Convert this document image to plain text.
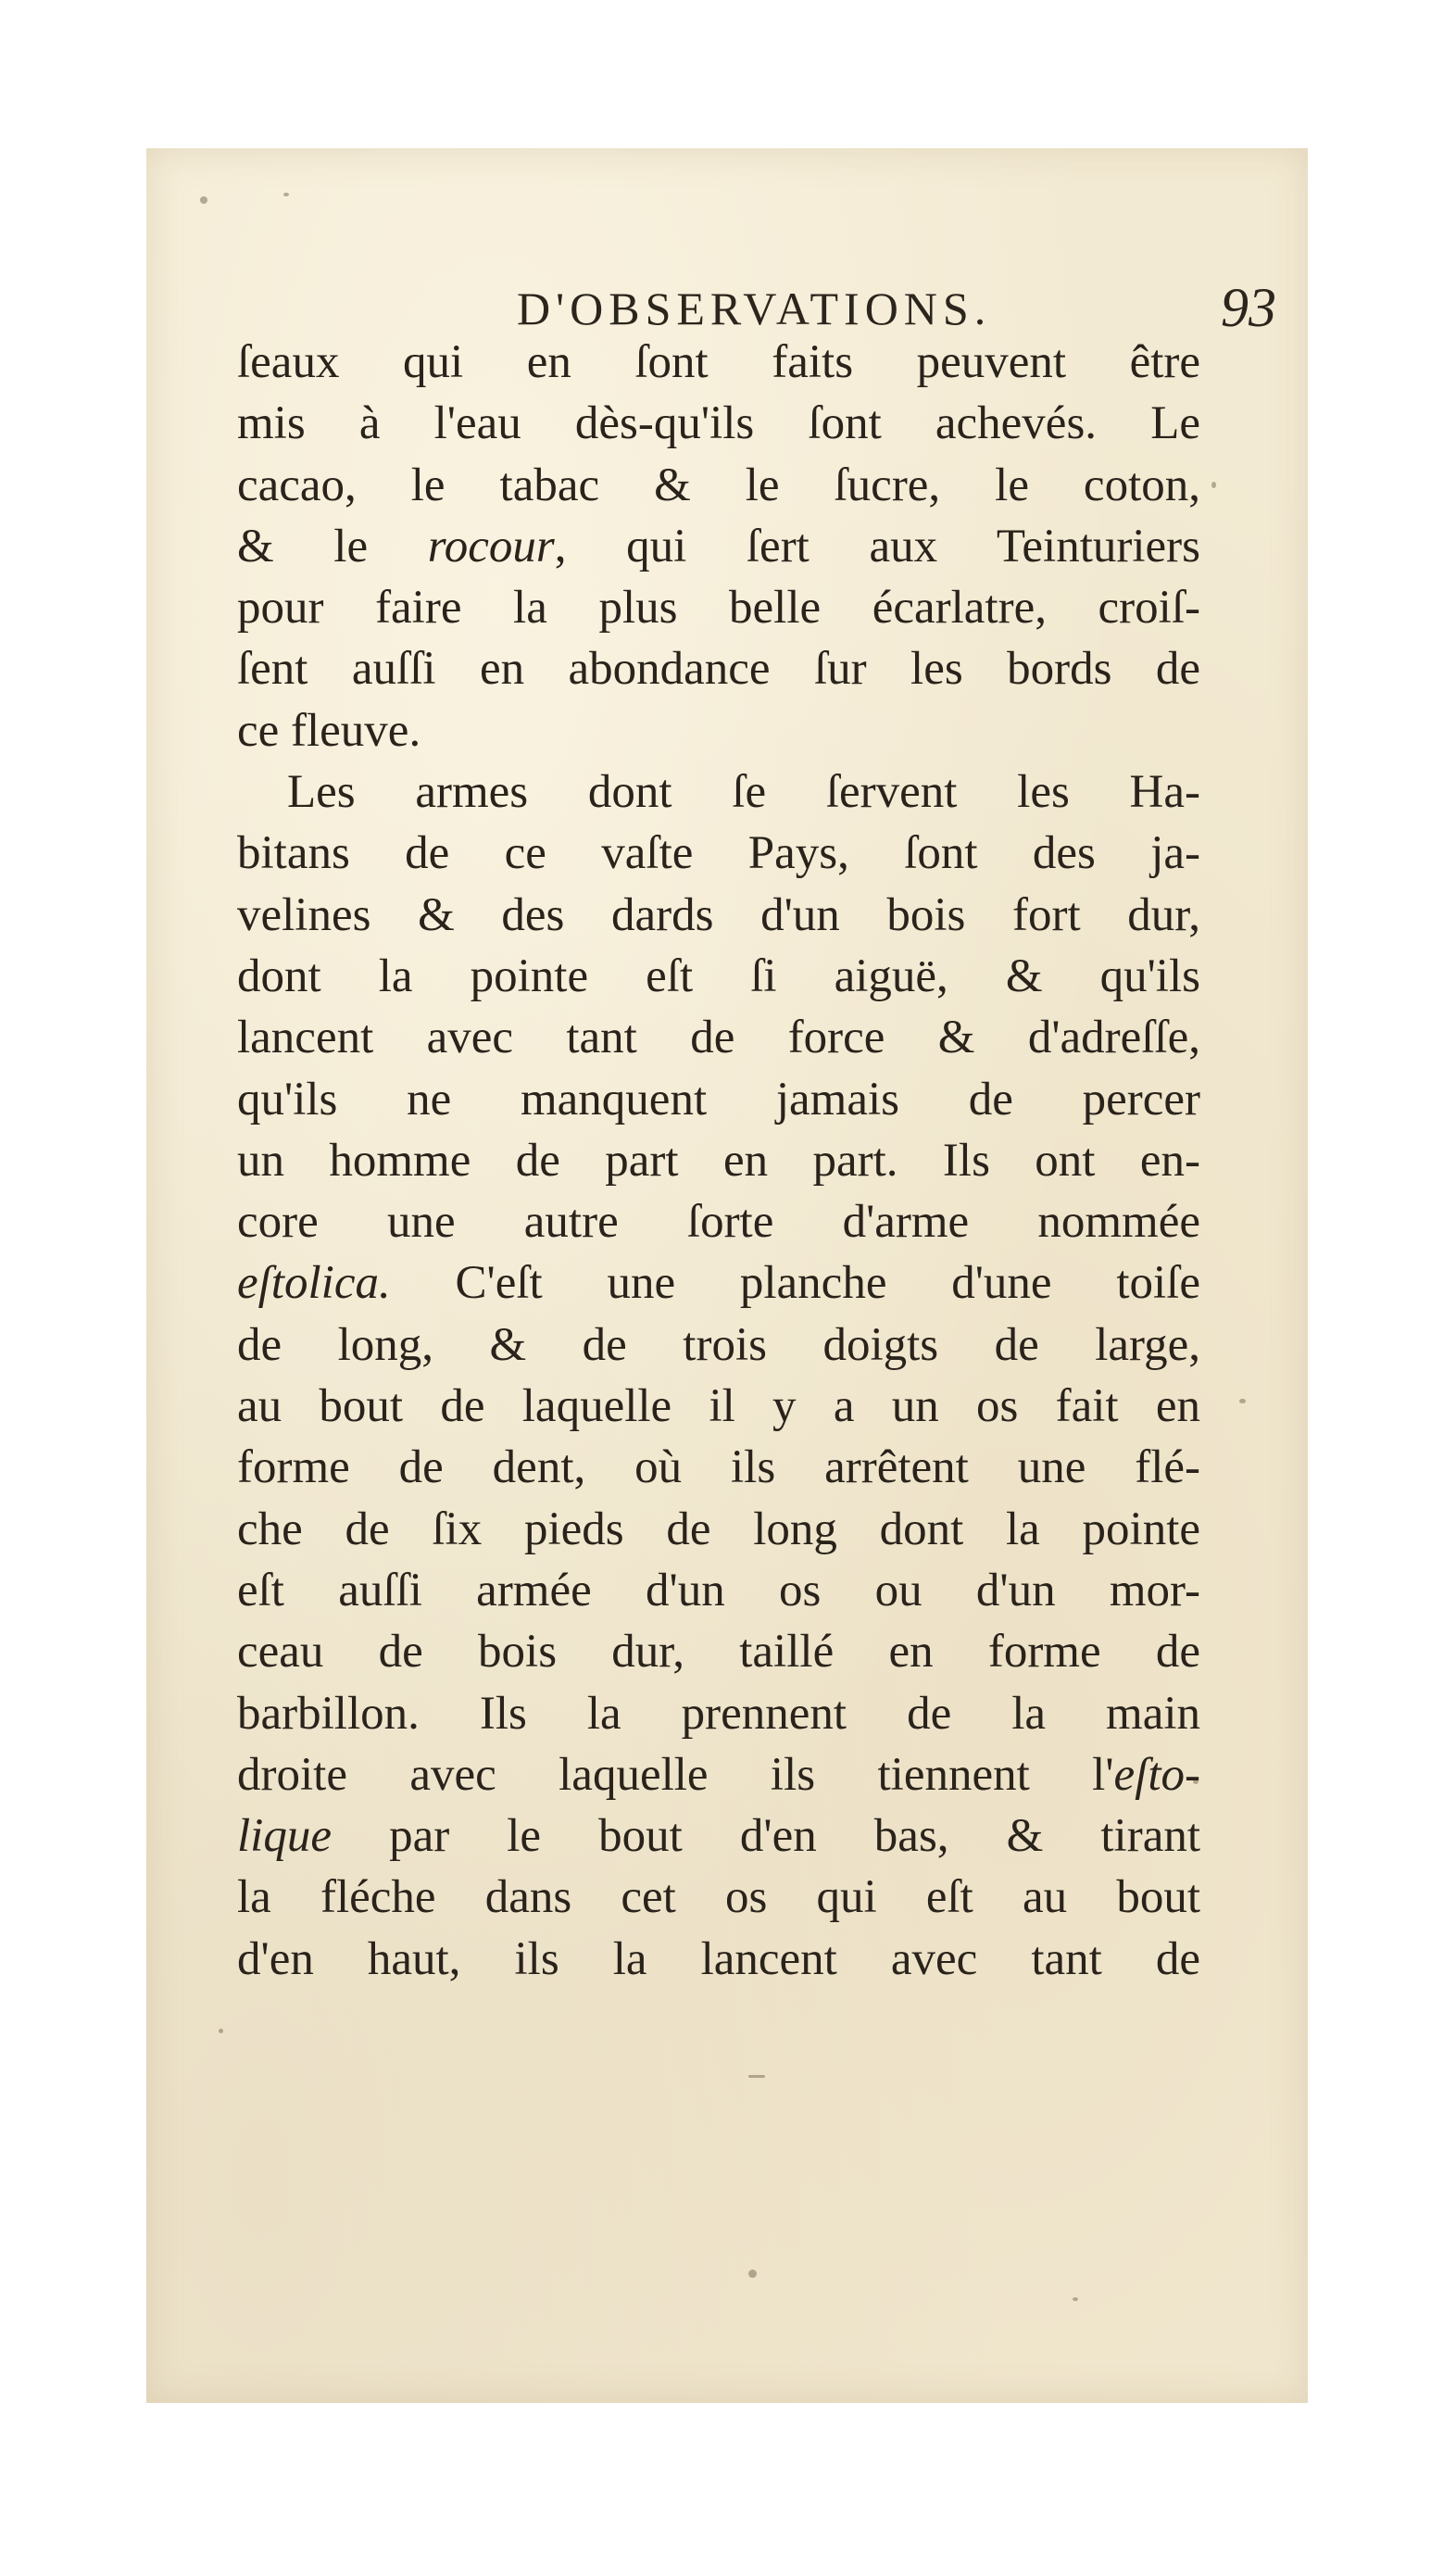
D'OBSERVATIONS.	93
ſeaux qui en ſont faits peuvent être
mis à l'eau dès-qu'ils ſont achevés. Le
cacao, le tabac & le ſucre, le coton,
& le rocour, qui ſert aux Teinturiers
pour faire la plus belle écarlatre, croiſ-
ſent auſſi en abondance ſur les bords de
ce fleuve.
Les armes dont ſe ſervent les Ha-
bitans de ce vaſte Pays, ſont des ja-
velines & des dards d'un bois fort dur,
dont la pointe eſt ſi aiguë, & qu'ils
lancent avec tant de force & d'adreſſe,
qu'ils ne manquent jamais de percer
un homme de part en part. Ils ont en-
core une autre ſorte d'arme nommée
eſtolica. C'eſt une planche d'une toiſe
de long, & de trois doigts de large,
au bout de laquelle il y a un os fait en
forme de dent, où ils arrêtent une flé-
che de ſix pieds de long dont la pointe
eſt auſſi armée d'un os ou d'un mor-
ceau de bois dur, taillé en forme de
barbillon. Ils la prennent de la main
droite avec laquelle ils tiennent l'eſto-
lique par le bout d'en bas, & tirant
la fléche dans cet os qui eſt au bout
d'en haut, ils la lancent avec tant de
